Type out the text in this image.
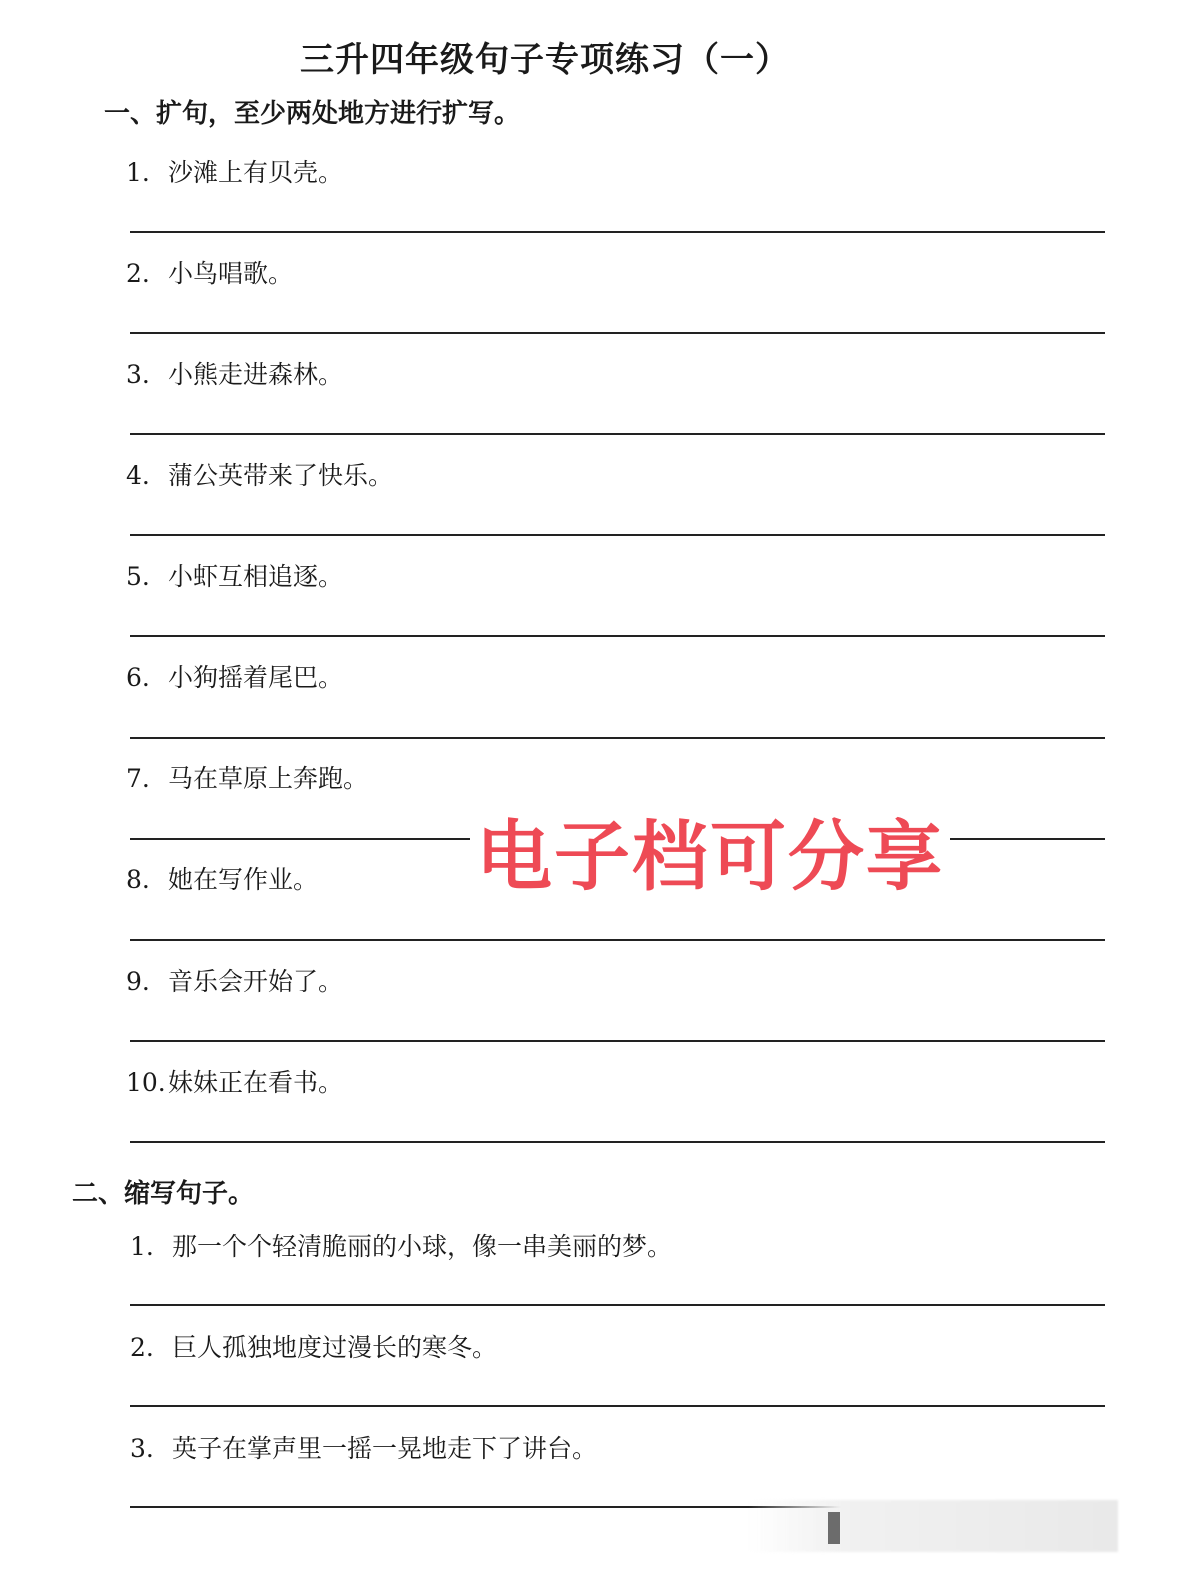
三升四年级句子专项练习（一）
一、扩句，至少两处地方进行扩写。
1. 沙滩上有贝壳。
2. 小鸟唱歌。
3. 小熊走进森林。
4. 蒲公英带来了快乐。
5. 小虾互相追逐。
6. 小狗摇着尾巴。
7. 马在草原上奔跑。
8. 她在写作业。
9. 音乐会开始了。
10. 妹妹正在看书。
二、缩写句子。
1. 那一个个轻清脆丽的小球，像一串美丽的梦。
2. 巨人孤独地度过漫长的寒冬。
3. 英子在掌声里一摇一晃地走下了讲台。
电子档可分享
